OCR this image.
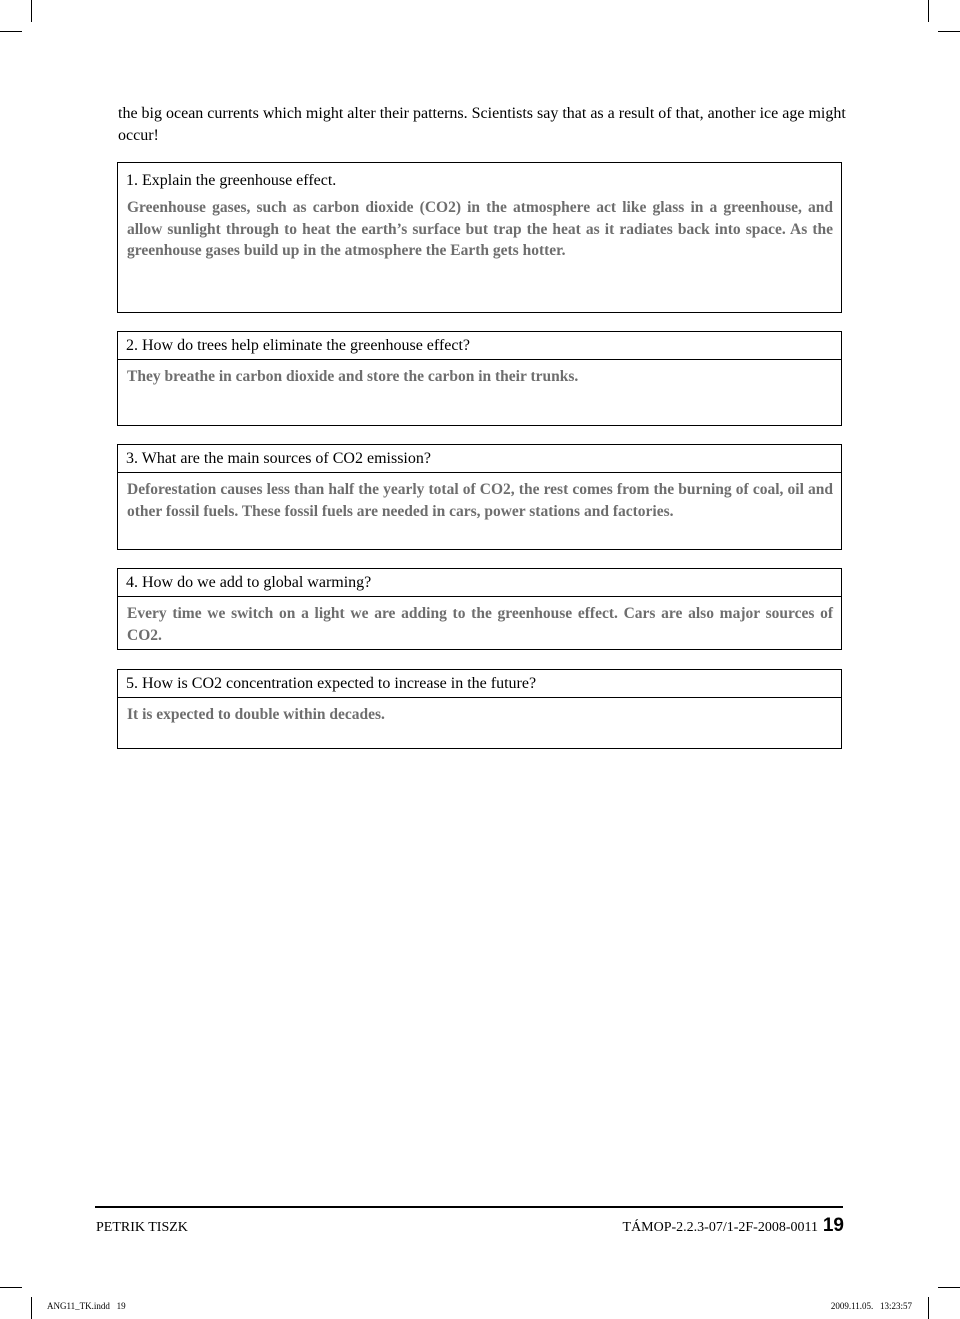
the big ocean currents which might alter their patterns. Scientists say that as a result of that, another ice age might occur!
1. Explain the greenhouse effect.
Greenhouse gases, such as carbon dioxide (CO2) in the atmosphere act like glass in a greenhouse, and allow sunlight through to heat the earth’s surface but trap the heat as it radiates back into space. As the greenhouse gases build up in the atmosphere the Earth gets hotter.
2. How do trees help eliminate the greenhouse effect?
They breathe in carbon dioxide and store the carbon in their trunks.
3. What are the main sources of CO2 emission?
Deforestation causes less than half the yearly total of CO2, the rest comes from the burning of coal, oil and other fossil fuels. These fossil fuels are needed in cars, power stations and factories.
4. How do we add to global warming?
Every time we switch on a light we are adding to the greenhouse effect. Cars are also major sources of CO2.
5. How is CO2 concentration expected to increase in the future?
It is expected to double within decades.
PETRIK TISZK	TÁMOP-2.2.3-07/1-2F-2008-0011 19
ANG11_TK.indd   19	2009.11.05.   13:23:57
